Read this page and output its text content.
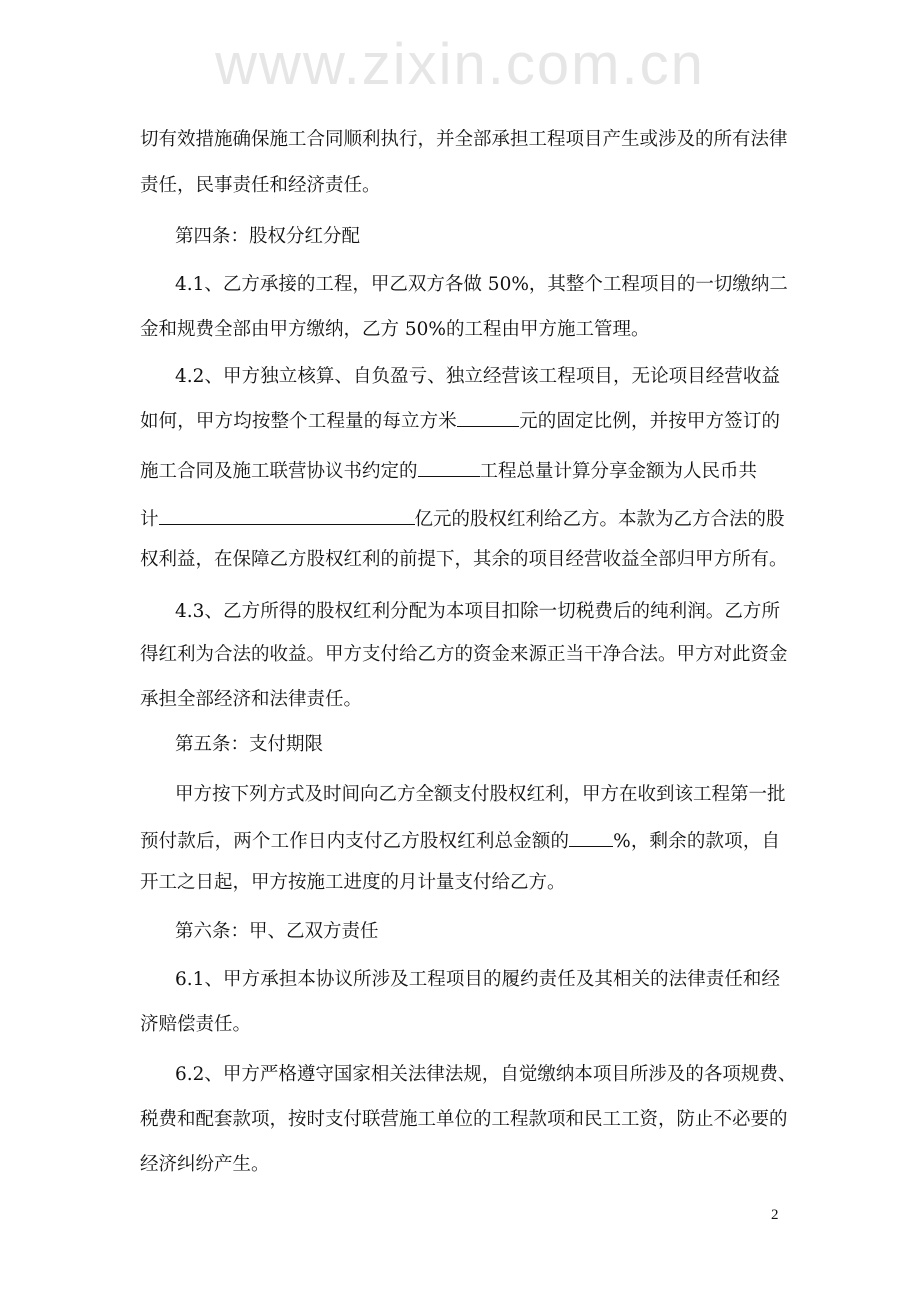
www.zixin.com.cn
切有效措施确保施工合同顺利执行，并全部承担工程项目产生或涉及的所有法律
责任，民事责任和经济责任。
第四条：股权分红分配
4.1、乙方承接的工程，甲乙双方各做 50%，其整个工程项目的一切缴纳二
金和规费全部由甲方缴纳，乙方 50%的工程由甲方施工管理。
4.2、甲方独立核算、自负盈亏、独立经营该工程项目，无论项目经营收益
如何，甲方均按整个工程量的每立方米	元的固定比例，并按甲方签订的
施工合同及施工联营协议书约定的	工程总量计算分享金额为人民币共
计	亿元的股权红利给乙方。本款为乙方合法的股
权利益，在保障乙方股权红利的前提下，其余的项目经营收益全部归甲方所有。
4.3、乙方所得的股权红利分配为本项目扣除一切税费后的纯利润。乙方所
得红利为合法的收益。甲方支付给乙方的资金来源正当干净合法。甲方对此资金
承担全部经济和法律责任。
第五条：支付期限
甲方按下列方式及时间向乙方全额支付股权红利，甲方在收到该工程第一批
预付款后，两个工作日内支付乙方股权红利总金额的 %，剩余的款项，自
开工之日起，甲方按施工进度的月计量支付给乙方。
第六条：甲、乙双方责任
6.1、甲方承担本协议所涉及工程项目的履约责任及其相关的法律责任和经
济赔偿责任。
6.2、甲方严格遵守国家相关法律法规，自觉缴纳本项目所涉及的各项规费、
税费和配套款项，按时支付联营施工单位的工程款项和民工工资，防止不必要的
经济纠纷产生。
2
